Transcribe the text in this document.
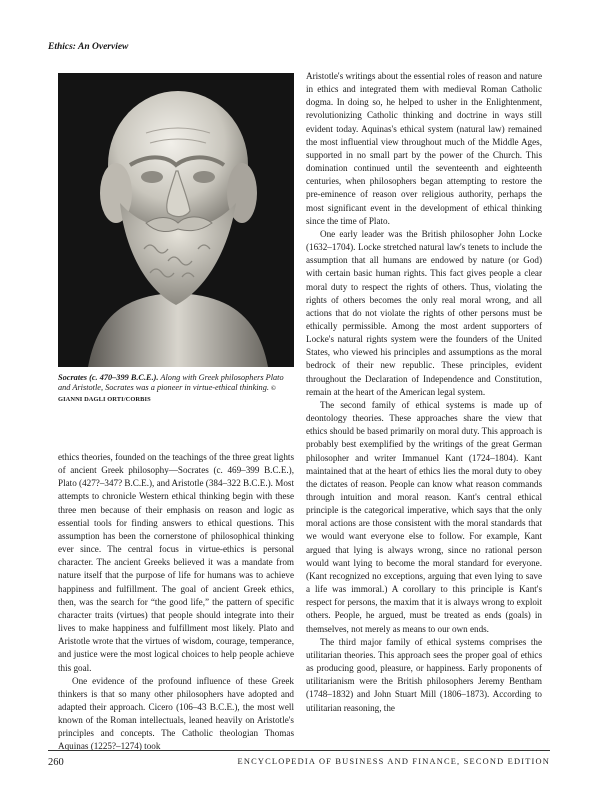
Ethics: An Overview
Socrates (c. 470–399 B.C.E.). Along with Greek philosophers Plato and Aristotle, Socrates was a pioneer in virtue-ethical thinking. © GIANNI DAGLI ORTI/CORBIS

ethics theories, founded on the teachings of the three great lights of ancient Greek philosophy—Socrates (c. 469–399 B.C.E.), Plato (427?–347? B.C.E.), and Aristotle (384–322 B.C.E.). Most attempts to chronicle Western ethical thinking begin with these three men because of their emphasis on reason and logic as essential tools for finding answers to ethical questions. This assumption has been the cornerstone of philosophical thinking ever since. The central focus in virtue-ethics is personal character. The ancient Greeks believed it was a mandate from nature itself that the purpose of life for humans was to achieve happiness and fulfillment. The goal of ancient Greek ethics, then, was the search for “the good life,” the pattern of specific character traits (virtues) that people should integrate into their lives to make happiness and fulfillment most likely. Plato and Aristotle wrote that the virtues of wisdom, courage, temperance, and justice were the most logical choices to help people achieve this goal.

One evidence of the profound influence of these Greek thinkers is that so many other philosophers have adopted and adapted their approach. Cicero (106–43 B.C.E.), the most well known of the Roman intellectuals, leaned heavily on Aristotle's principles and concepts. The Catholic theologian Thomas Aquinas (1225?–1274) took

Aristotle's writings about the essential roles of reason and nature in ethics and integrated them with medieval Roman Catholic dogma. In doing so, he helped to usher in the Enlightenment, revolutionizing Catholic thinking and doctrine in ways still evident today. Aquinas's ethical system (natural law) remained the most influential view throughout much of the Middle Ages, supported in no small part by the power of the Church. This domination continued until the seventeenth and eighteenth centuries, when philosophers began attempting to restore the pre-eminence of reason over religious authority, perhaps the most significant event in the development of ethical thinking since the time of Plato.

One early leader was the British philosopher John Locke (1632–1704). Locke stretched natural law's tenets to include the assumption that all humans are endowed by nature (or God) with certain basic human rights. This fact gives people a clear moral duty to respect the rights of others. Thus, violating the rights of others becomes the only real moral wrong, and all actions that do not violate the rights of other persons must be ethically permissible. Among the most ardent supporters of Locke's natural rights system were the founders of the United States, who viewed his principles and assumptions as the moral bedrock of their new republic. These principles, evident throughout the Declaration of Independence and Constitution, remain at the heart of the American legal system.

The second family of ethical systems is made up of deontology theories. These approaches share the view that ethics should be based primarily on moral duty. This approach is probably best exemplified by the writings of the great German philosopher and writer Immanuel Kant (1724–1804). Kant maintained that at the heart of ethics lies the moral duty to obey the dictates of reason. People can know what reason commands through intuition and moral reason. Kant's central ethical principle is the categorical imperative, which says that the only moral actions are those consistent with the moral standards that we would want everyone else to follow. For example, Kant argued that lying is always wrong, since no rational person would want lying to become the moral standard for everyone. (Kant recognized no exceptions, arguing that even lying to save a life was immoral.) A corollary to this principle is Kant's respect for persons, the maxim that it is always wrong to exploit others. People, he argued, must be treated as ends (goals) in themselves, not merely as means to our own ends.

The third major family of ethical systems comprises the utilitarian theories. This approach sees the proper goal of ethics as producing good, pleasure, or happiness. Early proponents of utilitarianism were the British philosophers Jeremy Bentham (1748–1832) and John Stuart Mill (1806–1873). According to utilitarian reasoning, the

260	ENCYCLOPEDIA OF BUSINESS AND FINANCE, SECOND EDITION
